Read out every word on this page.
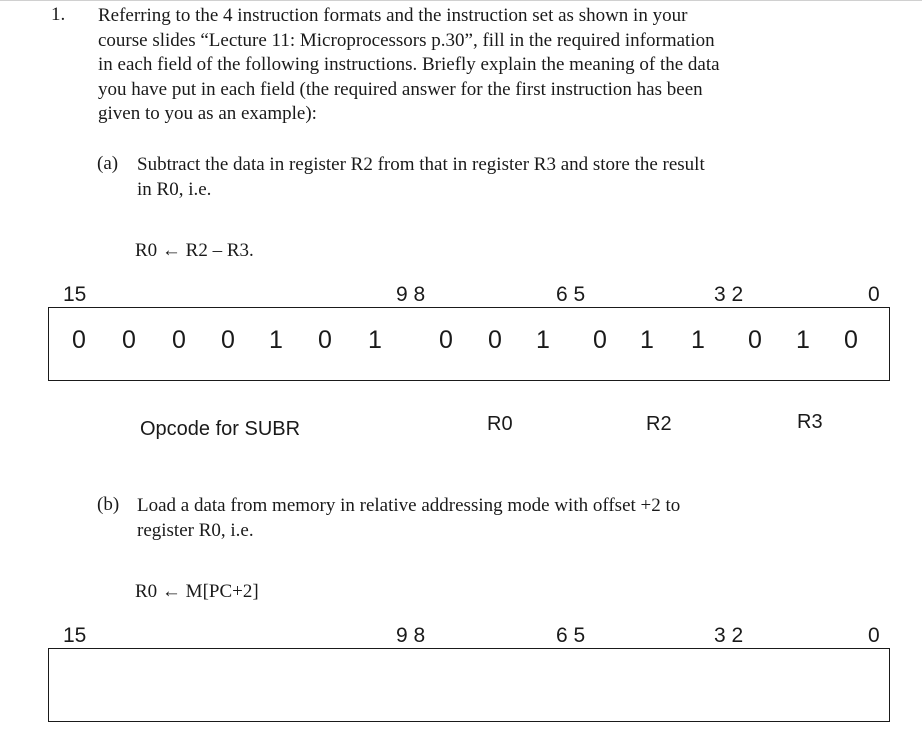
1. Referring to the 4 instruction formats and the instruction set as shown in your
course slides “Lecture 11: Microprocessors p.30”, fill in the required information
in each field of the following instructions. Briefly explain the meaning of the data
you have put in each field (the required answer for the first instruction has been
given to you as an example):
(a) Subtract the data in register R2 from that in register R3 and store the result
in R0, i.e.
R0 ← R2 – R3.
15	9 8	6 5	3 2	0
0 0 0 0 1 0 1 0 0 1 0 1 1 0 1 0
Opcode for SUBR	R0	R2	R3
(b) Load a data from memory in relative addressing mode with offset +2 to
register R0, i.e.
R0 ← M[PC+2]
15	9 8	6 5	3 2	0
